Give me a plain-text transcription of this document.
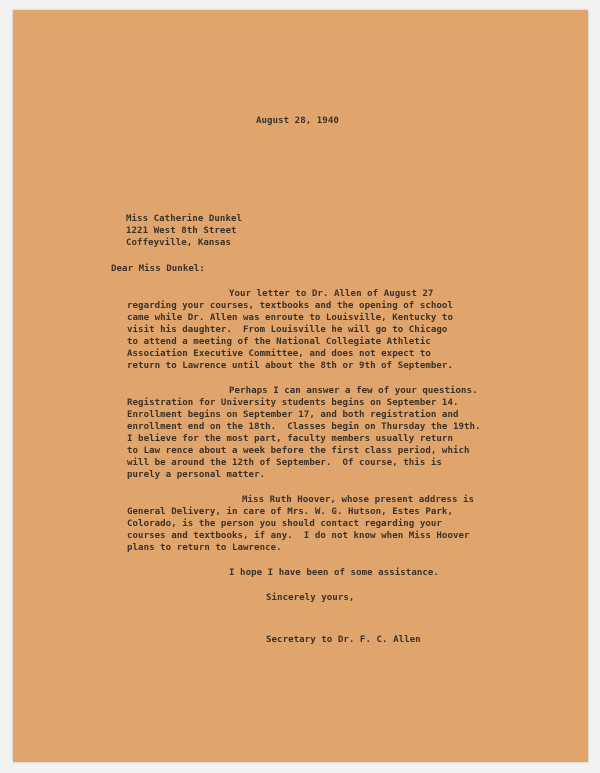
August 28, 1940

Miss Catherine Dunkel

1221 West 8th Street

Coffeyville, Kansas

Dear Miss Dunkel:

Your letter to Dr. Allen of August 27

regarding your courses, textbooks and the opening of school

came while Dr. Allen was enroute to Louisville, Kentucky to

visit his daughter.  From Louisville he will go to Chicago

to attend a meeting of the National Collegiate Athletic

Association Executive Committee, and does not expect to

return to Lawrence until about the 8th or 9th of September.

Perhaps I can answer a few of your questions.

Registration for University students begins on September 14.

Enrollment begins on September 17, and both registration and

enrollment end on the 18th.  Classes begin on Thursday the 19th.

I believe for the most part, faculty members usually return

to Law rence about a week before the first class period, which

will be around the 12th of September.  Of course, this is

purely a personal matter.

Miss Ruth Hoover, whose present address is

General Delivery, in care of Mrs. W. G. Hutson, Estes Park,

Colorado, is the person you should contact regarding your

courses and textbooks, if any.  I do not know when Miss Hoover

plans to return to Lawrence.

I hope I have been of some assistance.

Sincerely yours,

Secretary to Dr. F. C. Allen
